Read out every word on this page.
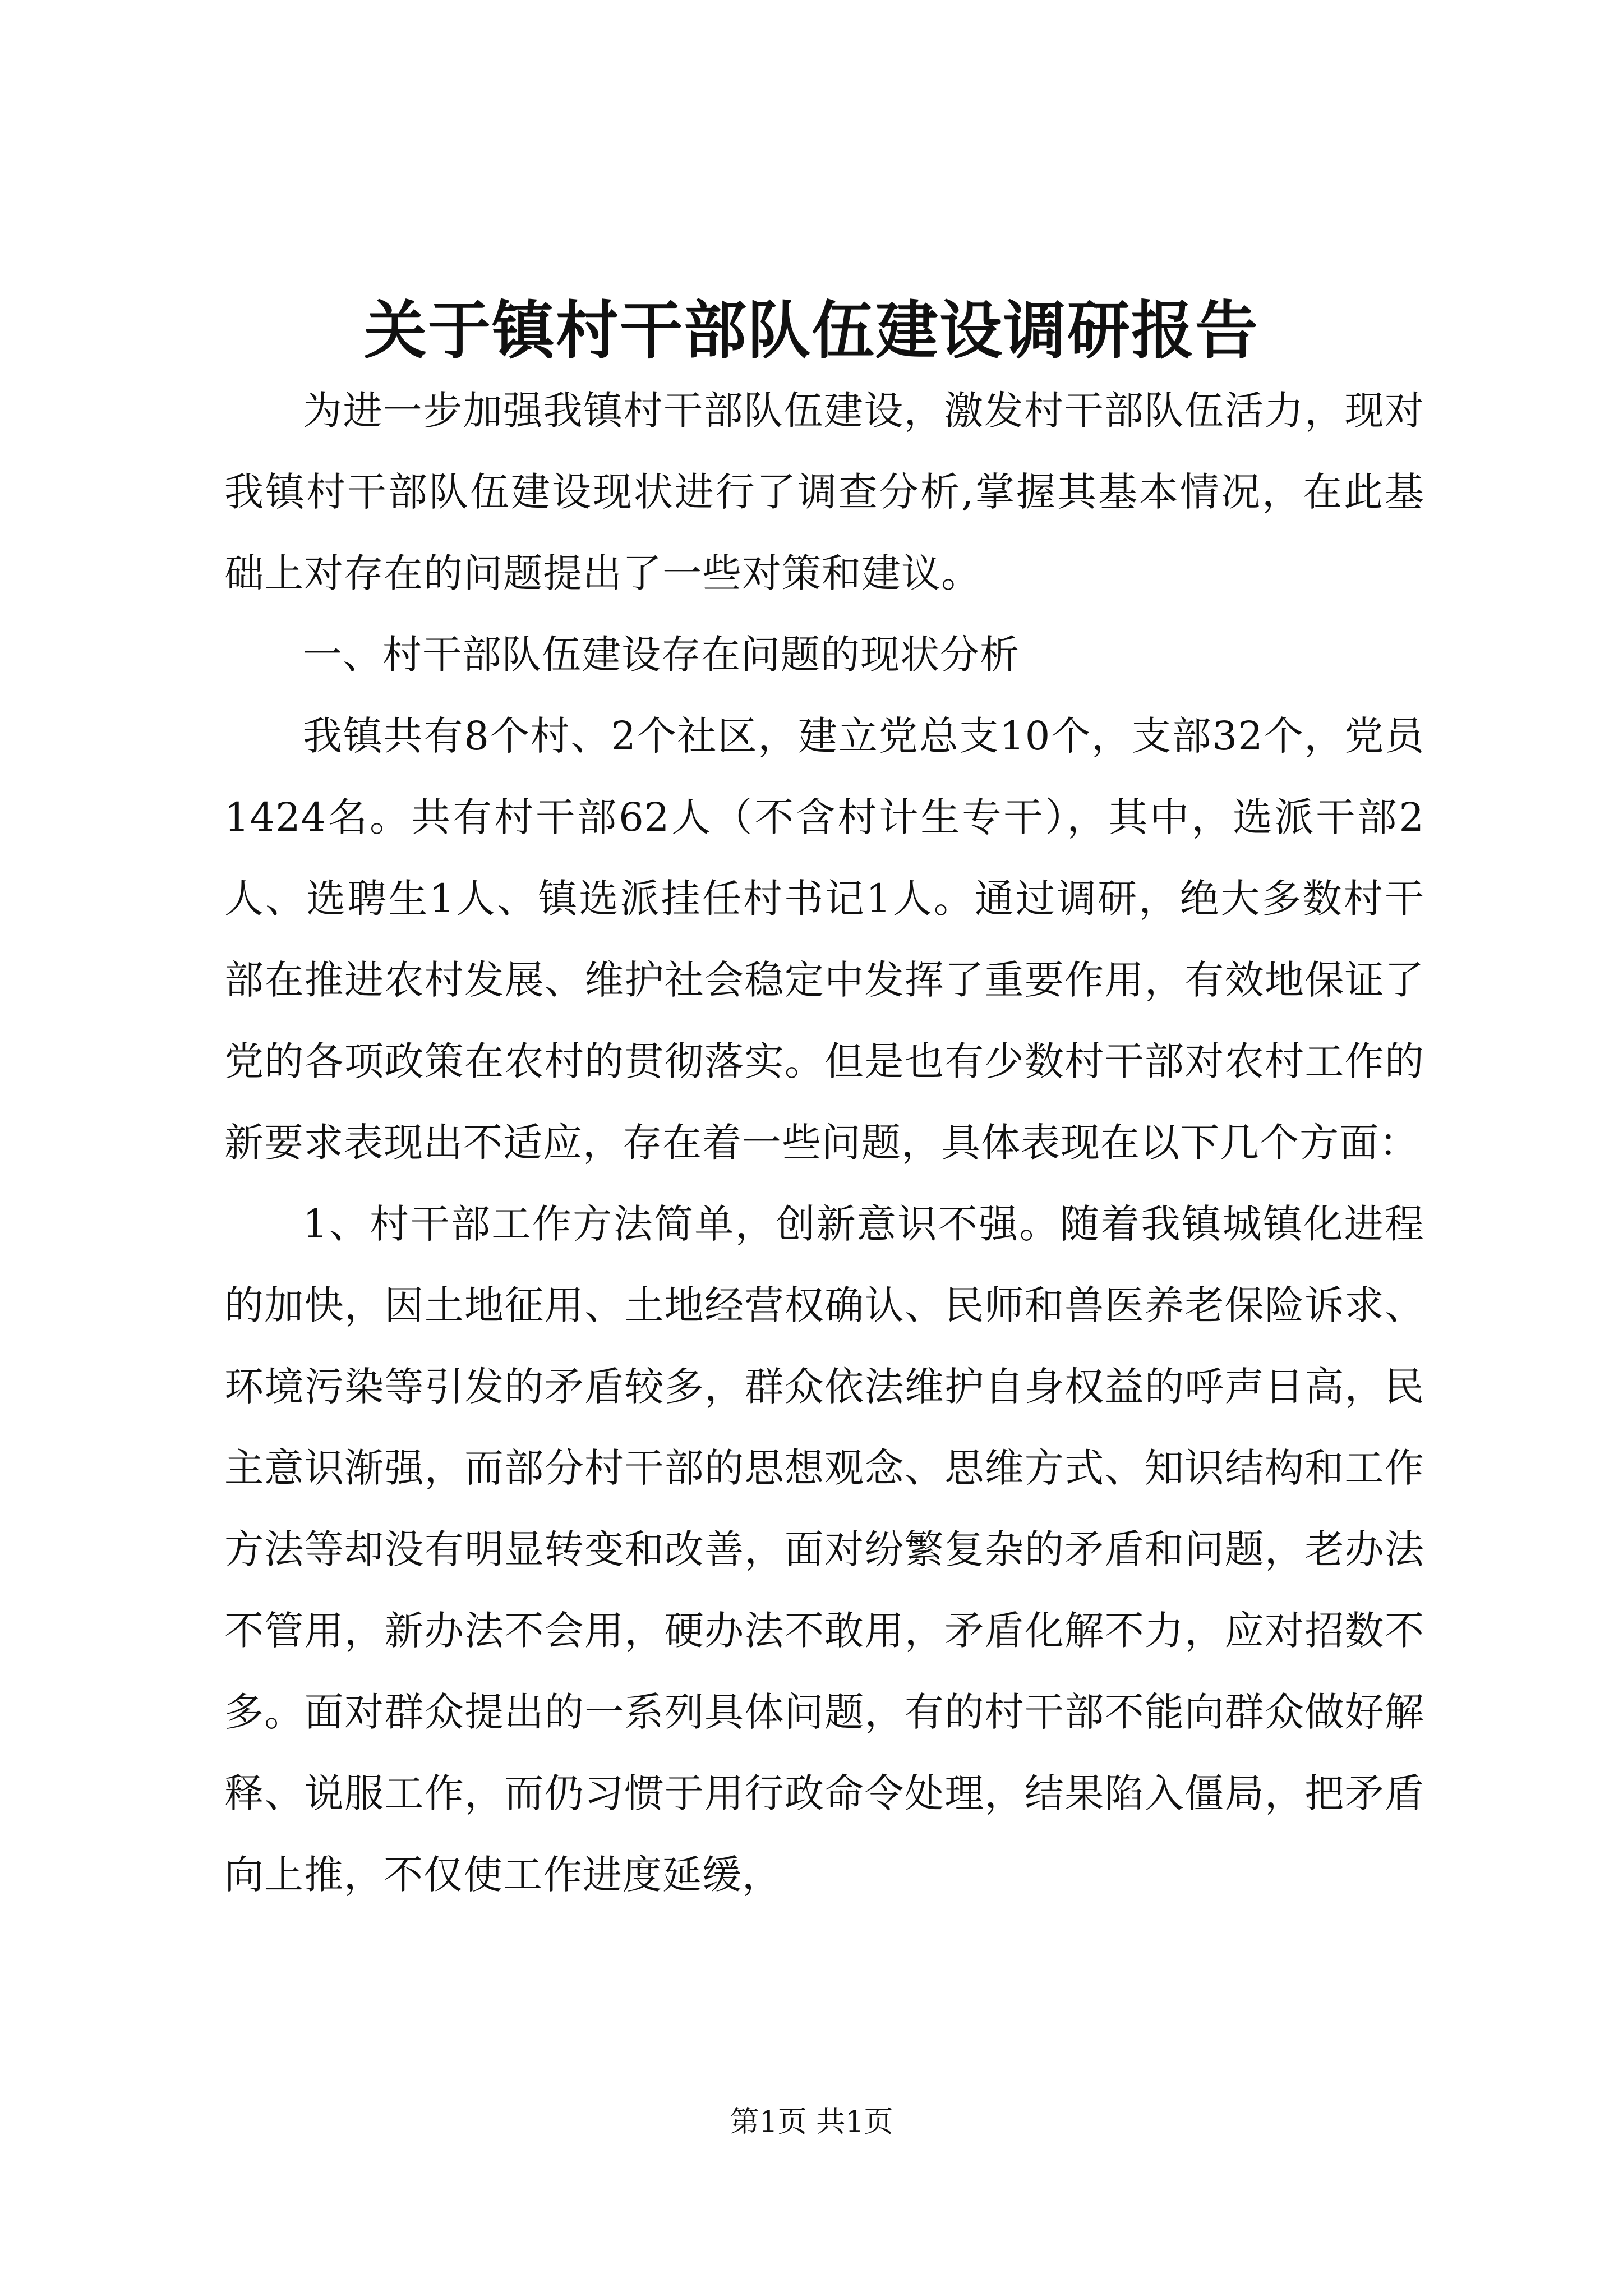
关于镇村干部队伍建设调研报告

为进一步加强我镇村干部队伍建设，激发村干部队伍活力，现对我镇村干部队伍建设现状进行了调查分析,掌握其基本情况，在此基础上对存在的问题提出了一些对策和建议。

一、村干部队伍建设存在问题的现状分析

我镇共有8个村、2个社区，建立党总支10个，支部32个，党员1424名。共有村干部62人（不含村计生专干），其中，选派干部2人、选聘生1人、镇选派挂任村书记1人。通过调研，绝大多数村干部在推进农村发展、维护社会稳定中发挥了重要作用，有效地保证了党的各项政策在农村的贯彻落实。但是也有少数村干部对农村工作的新要求表现出不适应，存在着一些问题，具体表现在以下几个方面：

1、村干部工作方法简单，创新意识不强。随着我镇城镇化进程的加快，因土地征用、土地经营权确认、民师和兽医养老保险诉求、环境污染等引发的矛盾较多，群众依法维护自身权益的呼声日高，民主意识渐强，而部分村干部的思想观念、思维方式、知识结构和工作方法等却没有明显转变和改善，面对纷繁复杂的矛盾和问题，老办法不管用，新办法不会用，硬办法不敢用，矛盾化解不力，应对招数不多。面对群众提出的一系列具体问题，有的村干部不能向群众做好解释、说服工作，而仍习惯于用行政命令处理，结果陷入僵局，把矛盾向上推，不仅使工作进度延缓，

第1页 共1页
